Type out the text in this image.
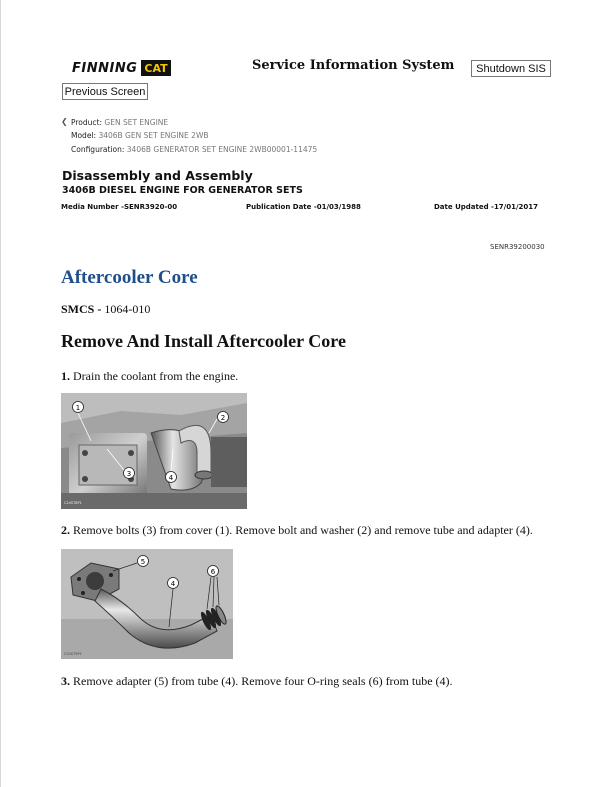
FINNING CAT	Service Information System	Shutdown SIS
Previous Screen
❮ Product: GEN SET ENGINE
Model: 3406B GEN SET ENGINE 2WB
Configuration: 3406B GENERATOR SET ENGINE 2WB00001-11475
Disassembly and Assembly
3406B DIESEL ENGINE FOR GENERATOR SETS
Media Number -SENR3920-00	Publication Date -01/03/1988	Date Updated -17/01/2017
SENR39200030
Aftercooler Core
SMCS - 1064-010
Remove And Install Aftercooler Core
1. Drain the coolant from the engine.
1
2
3	4
C24ST8P1
2. Remove bolts (3) from cover (1). Remove bolt and washer (2) and remove tube and adapter (4).
5
4
6
C24ST9P1
3. Remove adapter (5) from tube (4). Remove four O-ring seals (6) from tube (4).
